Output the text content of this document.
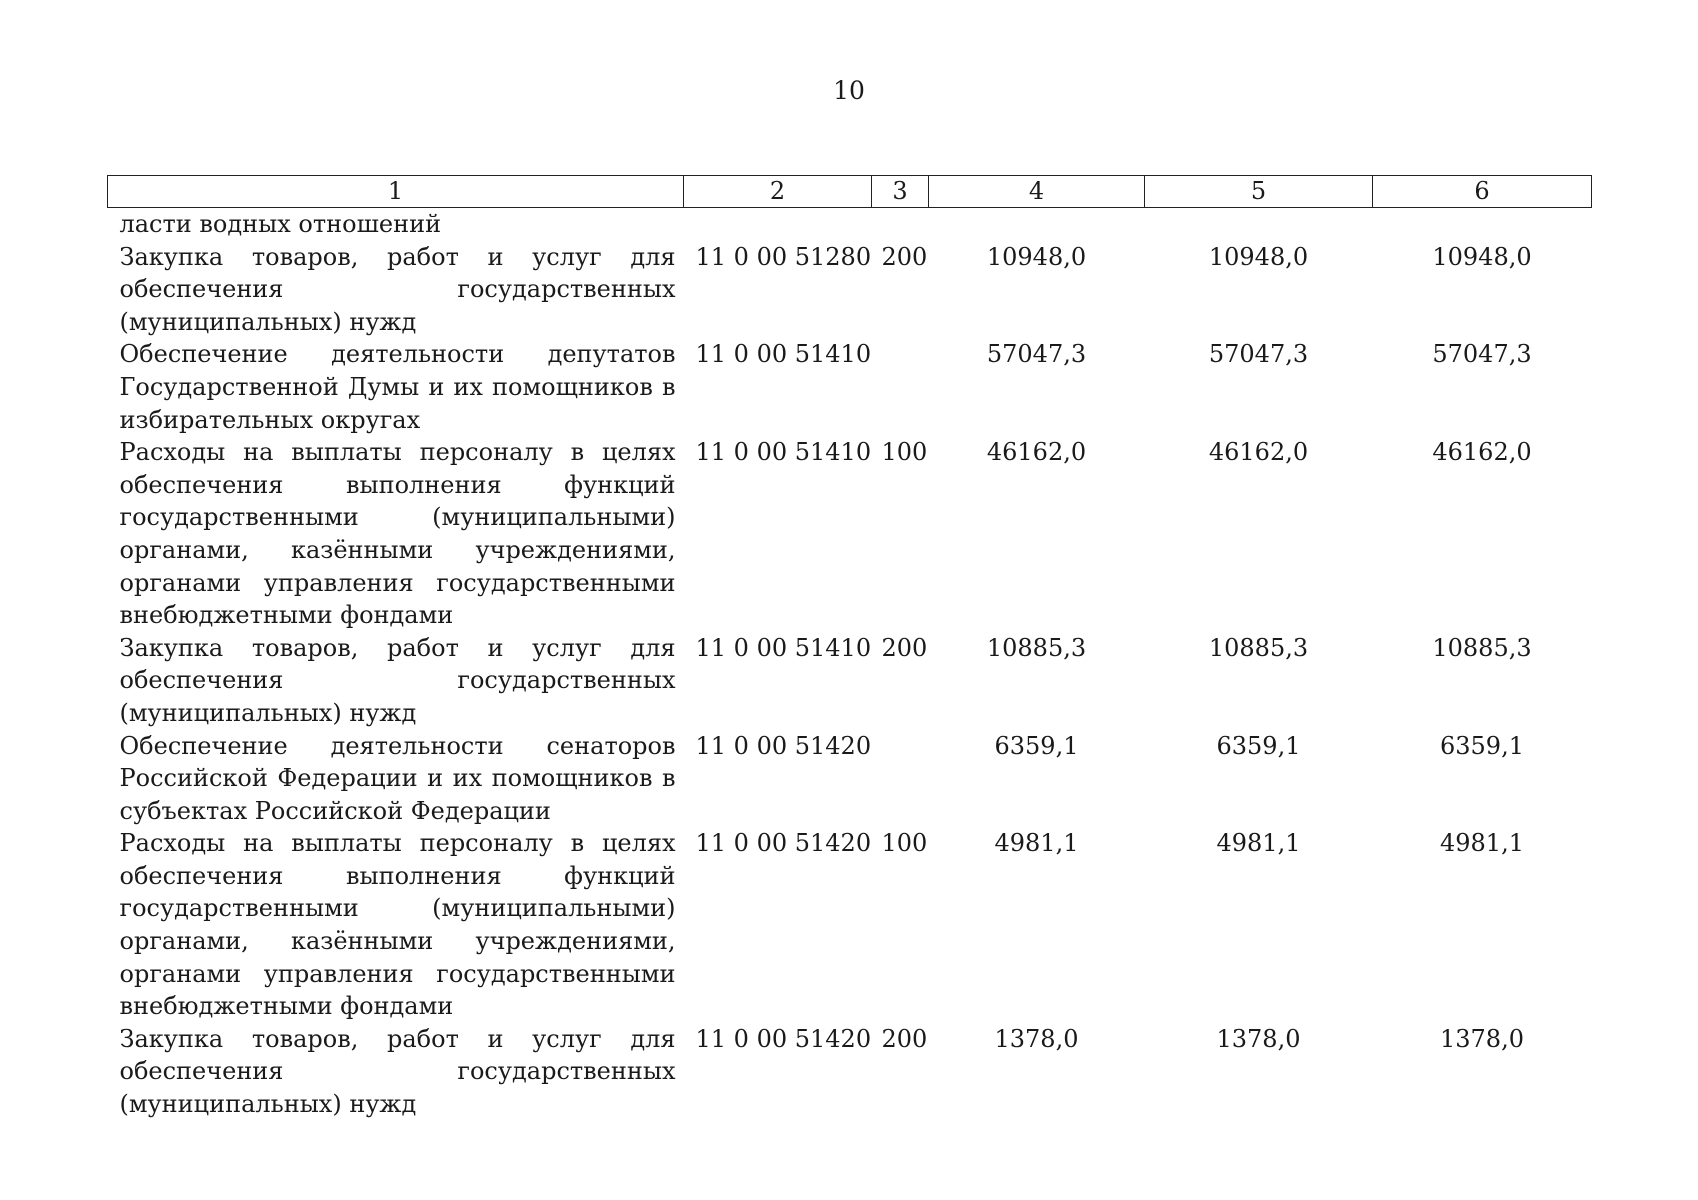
10
1	2	3	4	5	6
ласти водных отношений					
Закупка товаров, работ и услуг для обеспечения государственных (муниципальных) нужд	11 0 00 51280	200	10948,0	10948,0	10948,0
Обеспечение деятельности депутатов Государственной Думы и их помощников в избирательных округах	11 0 00 51410		57047,3	57047,3	57047,3
Расходы на выплаты персоналу в целях обеспечения выполнения функций государственными (муниципальными) органами, казёнными учреждениями, органами управления государственными внебюджетными фондами	11 0 00 51410	100	46162,0	46162,0	46162,0
Закупка товаров, работ и услуг для обеспечения государственных (муниципальных) нужд	11 0 00 51410	200	10885,3	10885,3	10885,3
Обеспечение деятельности сенаторов Российской Федерации и их помощников в субъектах Российской Федерации	11 0 00 51420		6359,1	6359,1	6359,1
Расходы на выплаты персоналу в целях обеспечения выполнения функций государственными (муниципальными) органами, казёнными учреждениями, органами управления государственными внебюджетными фондами	11 0 00 51420	100	4981,1	4981,1	4981,1
Закупка товаров, работ и услуг для обеспечения государственных (муниципальных) нужд	11 0 00 51420	200	1378,0	1378,0	1378,0
